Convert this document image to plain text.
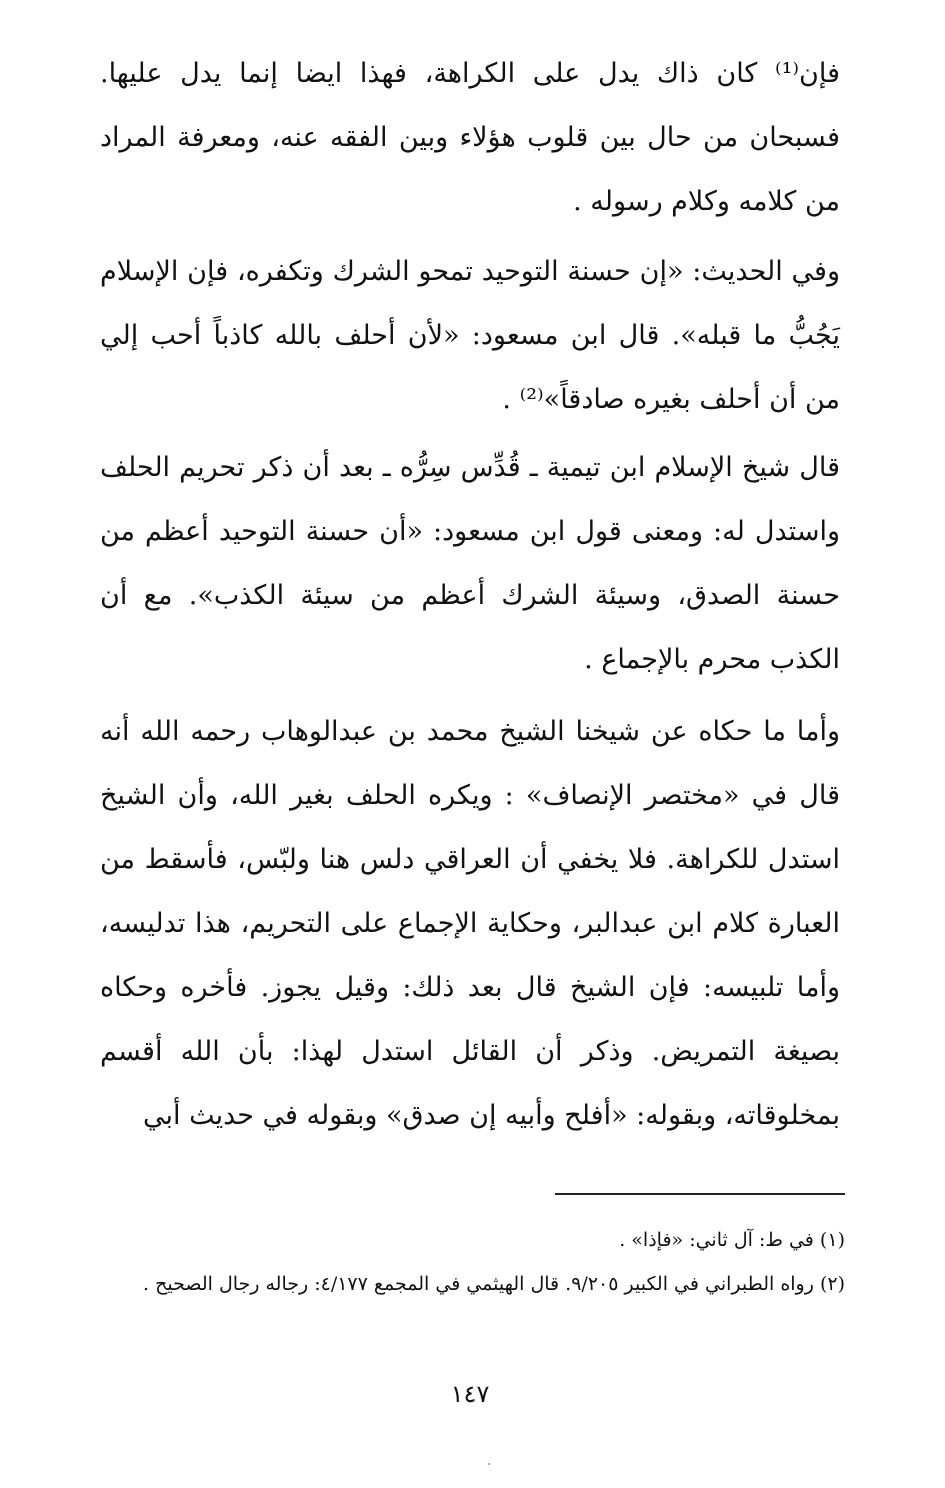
فإن⁽¹⁾ كان ذاك يدل على الكراهة، فهذا ايضا إنما يدل عليها. فسبحان من حال بين قلوب هؤلاء وبين الفقه عنه، ومعرفة المراد من كلامه وكلام رسوله .

وفي الحديث: «إن حسنة التوحيد تمحو الشرك وتكفره، فإن الإسلام يَجُبُّ ما قبله». قال ابن مسعود: «لأن أحلف بالله كاذباً أحب إلي من أن أحلف بغيره صادقاً»⁽²⁾ .

قال شيخ الإسلام ابن تيمية ـ قُدِّس سِرُّه ـ بعد أن ذكر تحريم الحلف واستدل له: ومعنى قول ابن مسعود: «أن حسنة التوحيد أعظم من حسنة الصدق، وسيئة الشرك أعظم من سيئة الكذب». مع أن الكذب محرم بالإجماع .

وأما ما حكاه عن شيخنا الشيخ محمد بن عبدالوهاب رحمه الله أنه قال في «مختصر الإنصاف» : ويكره الحلف بغير الله، وأن الشيخ استدل للكراهة. فلا يخفي أن العراقي دلس هنا ولبّس، فأسقط من العبارة كلام ابن عبدالبر، وحكاية الإجماع على التحريم، هذا تدليسه، وأما تلبيسه: فإن الشيخ قال بعد ذلك: وقيل يجوز. فأخره وحكاه بصيغة التمريض. وذكر أن القائل استدل لهذا: بأن الله أقسم بمخلوقاته، وبقوله: «أفلح وأبيه إن صدق» وبقوله في حديث أبي

(١) في ط: آل ثاني: «فإذا» .

(٢) رواه الطبراني في الكبير ٩/٢٠٥. قال الهيثمي في المجمع ٤/١٧٧: رجاله رجال الصحيح .

١٤٧
